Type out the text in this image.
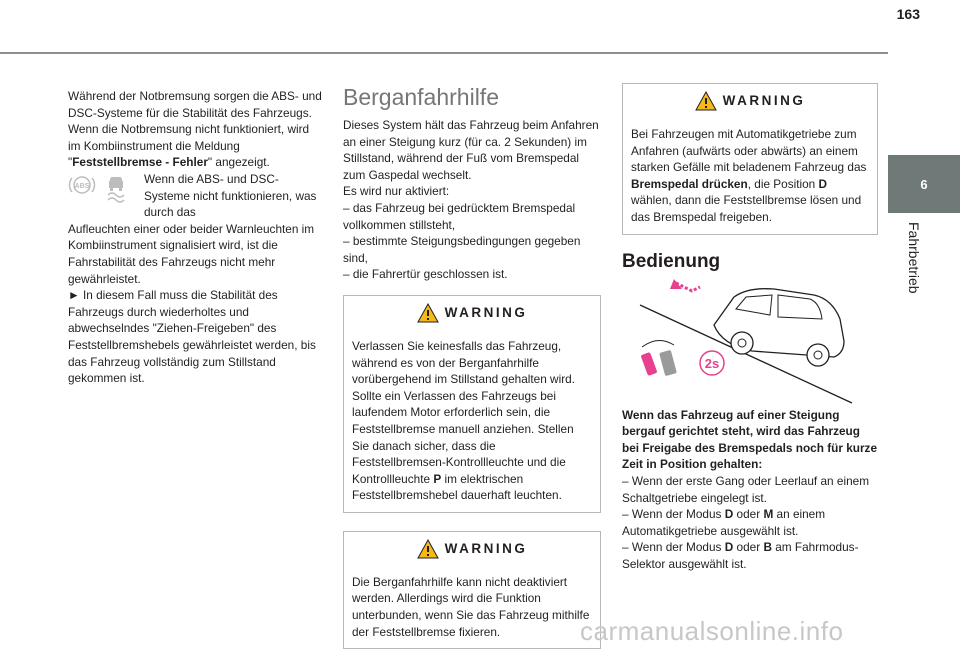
163
6
Fahrbetrieb

Während der Notbremsung sorgen die ABS- und DSC-Systeme für die Stabilität des Fahrzeugs.

Wenn die Notbremsung nicht funktioniert, wird im Kombiinstrument die Meldung "Feststellbremse - Fehler" angezeigt.

ABS

Wenn die ABS- und DSC-Systeme nicht funktionieren, was durch das

Aufleuchten einer oder beider Warnleuchten im Kombiinstrument signalisiert wird, ist die Fahrstabilität des Fahrzeugs nicht mehr gewährleistet.

► In diesem Fall muss die Stabilität des Fahrzeugs durch wiederholtes und abwechselndes "Ziehen-Freigeben" des Feststellbremshebels gewährleistet werden, bis das Fahrzeug vollständig zum Stillstand gekommen ist.

Berganfahrhilfe

Dieses System hält das Fahrzeug beim Anfahren an einer Steigung kurz (für ca. 2 Sekunden) im Stillstand, während der Fuß vom Bremspedal zum Gaspedal wechselt.

Es wird nur aktiviert:

– das Fahrzeug bei gedrücktem Bremspedal vollkommen stillsteht,

– bestimmte Steigungsbedingungen gegeben sind,

– die Fahrertür geschlossen ist.

WARNING

Verlassen Sie keinesfalls das Fahrzeug, während es von der Berganfahrhilfe vorübergehend im Stillstand gehalten wird.

Sollte ein Verlassen des Fahrzeugs bei laufendem Motor erforderlich sein, die Feststellbremse manuell anziehen. Stellen Sie danach sicher, dass die Feststellbremsen-Kontrollleuchte und die Kontrollleuchte P im elektrischen Feststellbremshebel dauerhaft leuchten.

WARNING

Die Berganfahrhilfe kann nicht deaktiviert werden. Allerdings wird die Funktion unterbunden, wenn Sie das Fahrzeug mithilfe der Feststellbremse fixieren.

WARNING

Bei Fahrzeugen mit Automatikgetriebe zum Anfahren (aufwärts oder abwärts) an einem starken Gefälle mit beladenem Fahrzeug das Bremspedal drücken, die Position D wählen, dann die Feststellbremse lösen und das Bremspedal freigeben.

Bedienung
2s

Wenn das Fahrzeug auf einer Steigung bergauf gerichtet steht, wird das Fahrzeug bei Freigabe des Bremspedals noch für kurze Zeit in Position gehalten:

– Wenn der erste Gang oder Leerlauf an einem Schaltgetriebe eingelegt ist.

– Wenn der Modus D oder M an einem Automatikgetriebe ausgewählt ist.

– Wenn der Modus D oder B am Fahrmodus-Selektor ausgewählt ist.

carmanualsonline.info
